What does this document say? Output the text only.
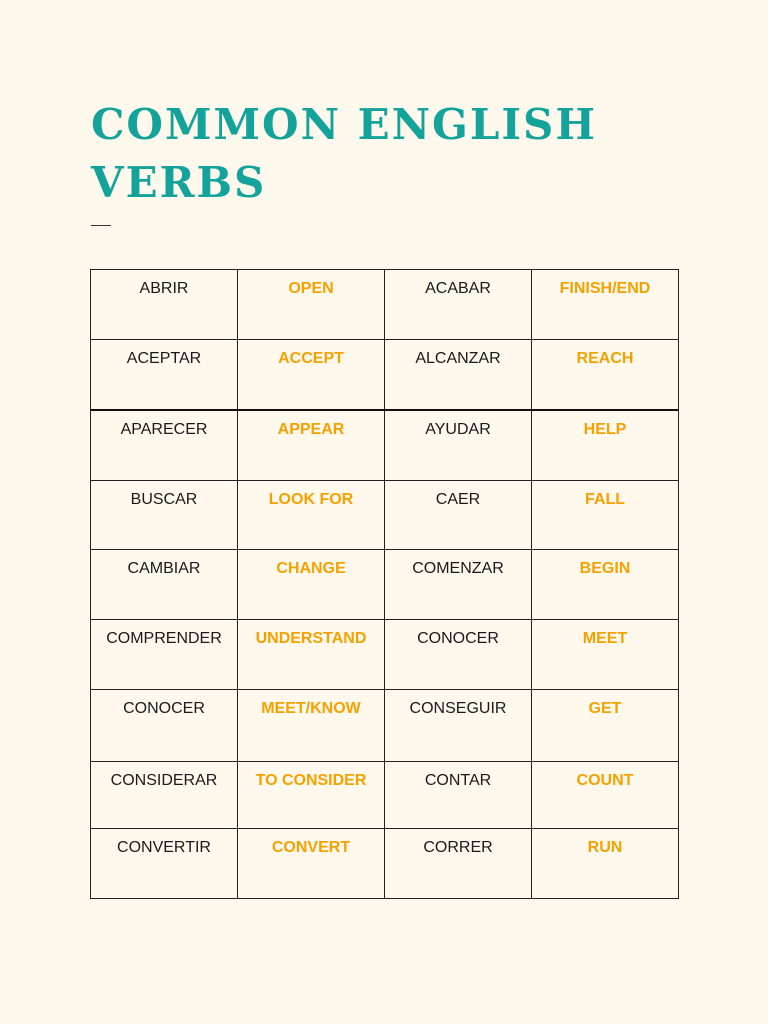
COMMON ENGLISH
VERBS
ABRIR	OPEN	ACABAR	FINISH/END
ACEPTAR	ACCEPT	ALCANZAR	REACH
APARECER	APPEAR	AYUDAR	HELP
BUSCAR	LOOK FOR	CAER	FALL
CAMBIAR	CHANGE	COMENZAR	BEGIN
COMPRENDER	UNDERSTAND	CONOCER	MEET
CONOCER	MEET/KNOW	CONSEGUIR	GET
CONSIDERAR	TO CONSIDER	CONTAR	COUNT
CONVERTIR	CONVERT	CORRER	RUN
